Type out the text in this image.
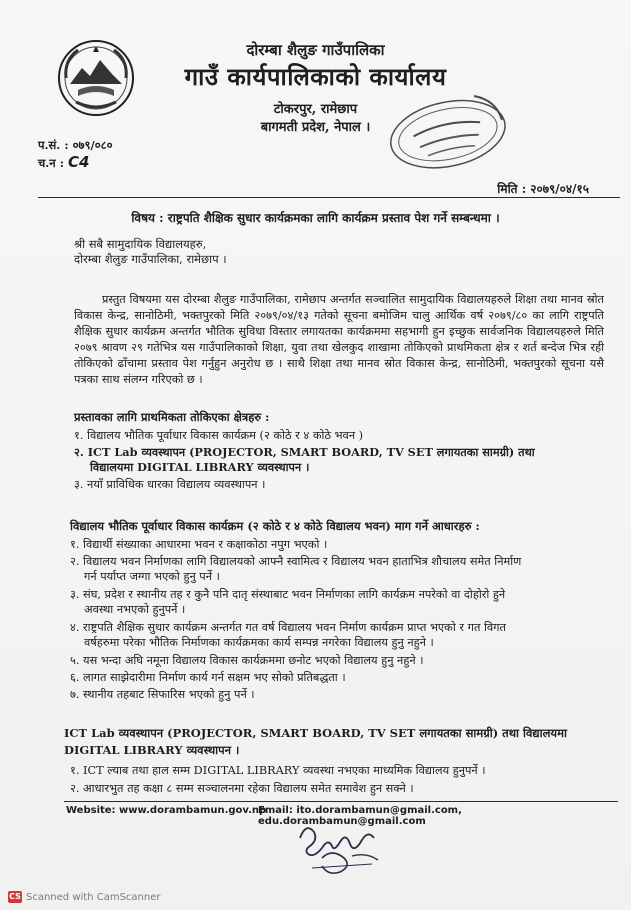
दोरम्बा शैलुङ गाउँपालिका
गाउँ कार्यपालिकाको कार्यालय
टोकरपुर, रामेछाप
बागमती प्रदेश, नेपाल ।
प.सं. : ०७९/०८०
च.न : C4
मिति : २०७९/०४/१५
विषय : राष्ट्रपति शैक्षिक सुधार कार्यक्रमका लागि कार्यक्रम प्रस्ताव पेश गर्ने सम्बन्धमा ।
श्री सबै सामुदायिक विद्यालयहरु,
दोरम्बा शैलुङ गाउँपालिका, रामेछाप ।
प्रस्तुत विषयमा यस दोरम्बा शैलुङ गाउँपालिका, रामेछाप अन्तर्गत सञ्चालित सामुदायिक विद्यालयहरुले शिक्षा तथा मानव स्रोत विकास केन्द्र, सानोठिमी, भक्तपुरको मिति २०७९/०४/१३ गतेको सूचना बमोजिम चालु आर्थिक वर्ष २०७९/८० का लागि राष्ट्रपति शैक्षिक सुधार कार्यक्रम अन्तर्गत भौतिक सुविधा विस्तार लगायतका कार्यक्रममा सहभागी हुन इच्छुक सार्वजनिक विद्यालयहरुले मिति २०७९ श्रावण २९ गतेभित्र यस गाउँपालिकाको शिक्षा, युवा तथा खेलकुद शाखामा तोकिएको प्राथमिकता क्षेत्र र शर्त बन्देज भित्र रही तोकिएको ढाँचामा प्रस्ताव पेश गर्नुहुन अनुरोध छ । साथै शिक्षा तथा मानव स्रोत विकास केन्द्र, सानोठिमी, भक्तपुरको सूचना यसै पत्रका साथ संलग्न गरिएको छ ।
प्रस्तावका लागि प्राथमिकता तोकिएका क्षेत्रहरु :
१. विद्यालय भौतिक पूर्वाधार विकास कार्यक्रम (२ कोठे र ४ कोठे भवन )
२. ICT Lab व्यवस्थापन (PROJECTOR, SMART BOARD, TV SET लगायतका सामग्री) तथा
विद्यालयमा DIGITAL LIBRARY व्यवस्थापन ।
३. नयाँ प्राविधिक धारका विद्यालय व्यवस्थापन ।
विद्यालय भौतिक पूर्वाधार विकास कार्यक्रम (२ कोठे र ४ कोठे विद्यालय भवन) माग गर्ने आधारहरु :
१. विद्यार्थी संख्याका आधारमा भवन र कक्षाकोठा नपुग भएको ।
२. विद्यालय भवन निर्माणका लागि विद्यालयको आफ्नै स्वामित्व र विद्यालय भवन हाताभित्र शौचालय समेत निर्माण
गर्न पर्याप्त जग्गा भएको हुनु पर्ने ।
३. संघ, प्रदेश र स्थानीय तह र कुनै पनि दातृ संस्थाबाट भवन निर्माणका लागि कार्यक्रम नपरेको वा दोहोरो हुने
अवस्था नभएको हुनुपर्ने ।
४. राष्ट्रपति शैक्षिक सुधार कार्यक्रम अन्तर्गत गत वर्ष विद्यालय भवन निर्माण कार्यक्रम प्राप्त भएको र गत विगत
वर्षहरुमा परेका भौतिक निर्माणका कार्यक्रमका कार्य सम्पन्न नगरेका विद्यालय हुनु नहुने ।
५. यस भन्दा अघि नमूना विद्यालय विकास कार्यक्रममा छनोट भएको विद्यालय हुनु नहुने ।
६. लागत साझेदारीमा निर्माण कार्य गर्न सक्षम भए सोको प्रतिबद्धता ।
७. स्थानीय तहबाट सिफारिस भएको हुनु पर्ने ।
ICT Lab व्यवस्थापन (PROJECTOR, SMART BOARD, TV SET लगायतका सामग्री) तथा विद्यालयमा
DIGITAL LIBRARY व्यवस्थापन ।
१. ICT ल्याब तथा हाल सम्म DIGITAL LIBRARY व्यवस्था नभएका माध्यमिक विद्यालय हुनुपर्ने ।
२. आधारभुत तह कक्षा ८ सम्म सञ्चालनमा रहेका विद्यालय समेत समावेश हुन सक्ने ।
Website: www.dorambamun.gov.np
Email: ito.dorambamun@gmail.com, edu.dorambamun@gmail.com
CS Scanned with CamScanner
